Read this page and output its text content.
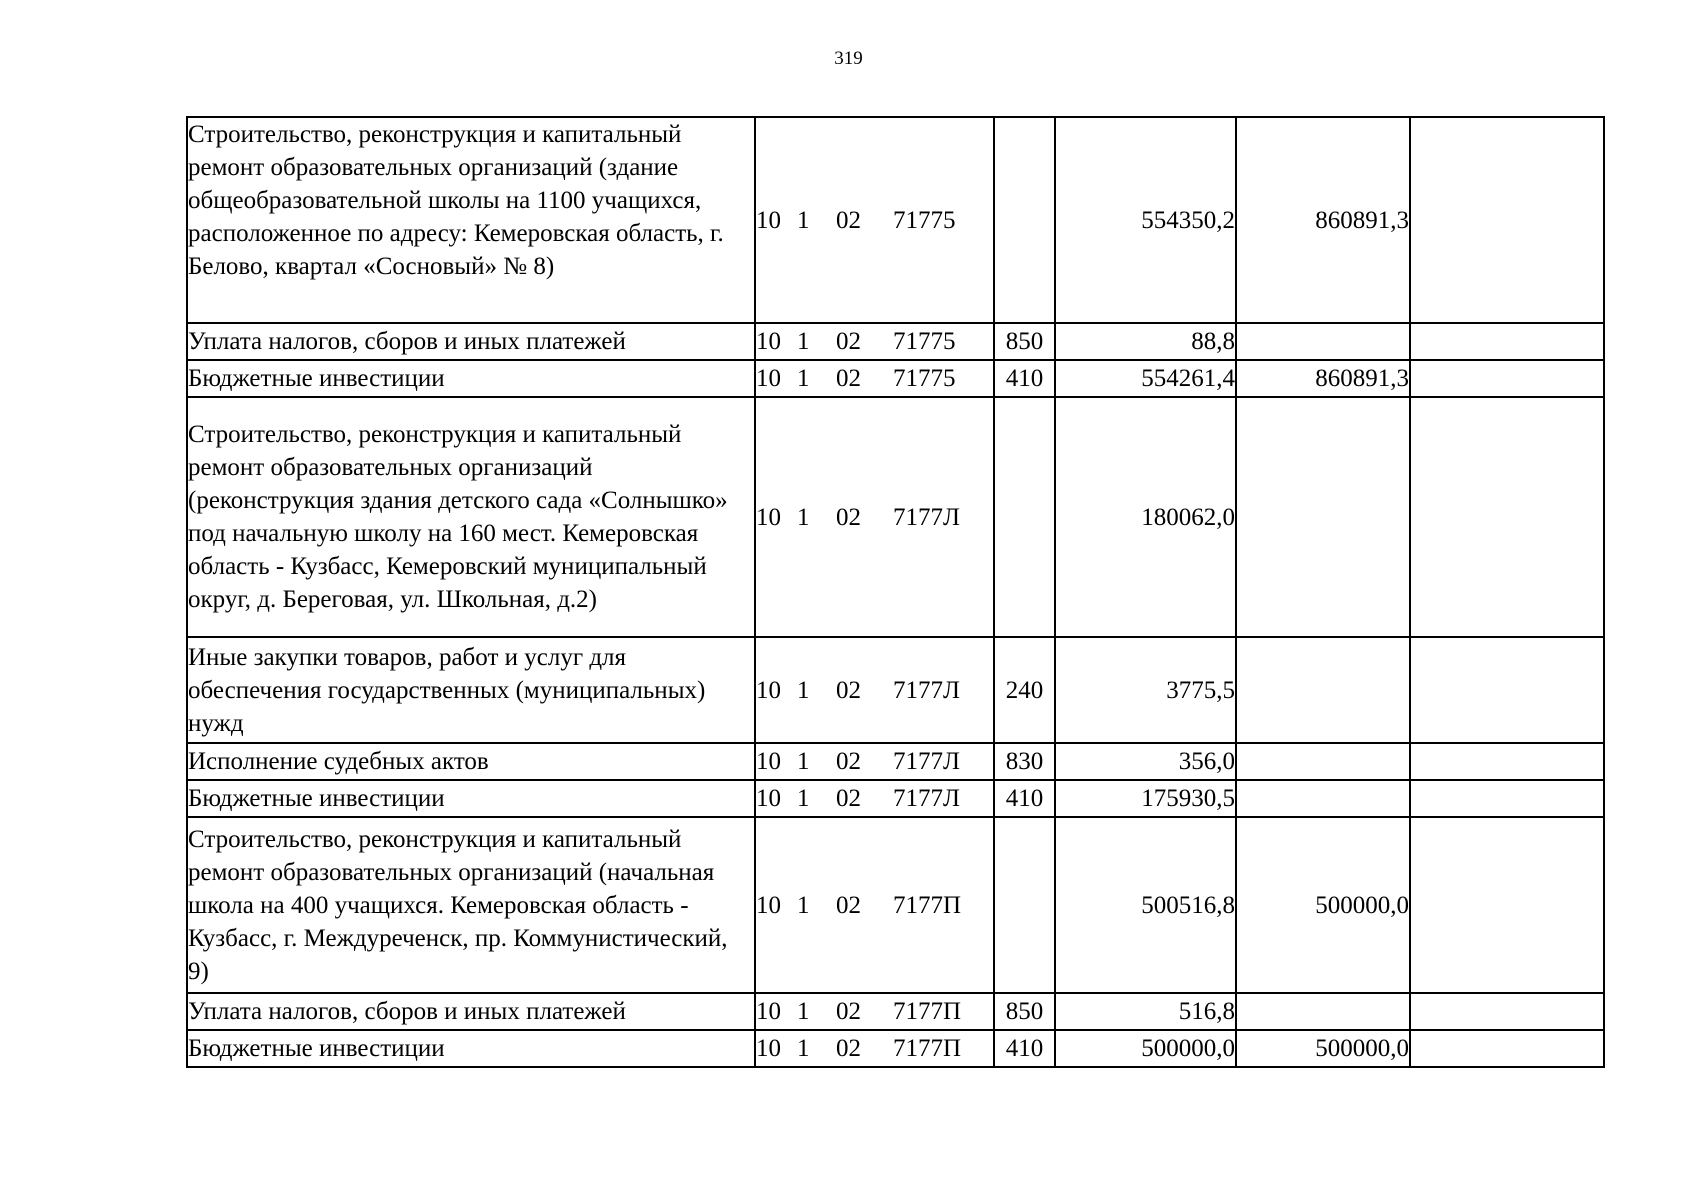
319
Строительство, реконструкция и капитальный ремонт образовательных организаций (здание общеобразовательной школы на 1100 учащихся, расположенное по адресу: Кемеровская область, г. Белово, квартал «Сосновый» № 8)	10 1 02 71775		554350,2	860891,3	
Уплата налогов, сборов и иных платежей	10 1 02 71775	850	88,8		
Бюджетные инвестиции	10 1 02 71775	410	554261,4	860891,3	
Строительство, реконструкция и капитальный ремонт образовательных организаций (реконструкция здания детского сада «Солнышко» под начальную школу на 160 мест. Кемеровская область - Кузбасс, Кемеровский муниципальный округ, д. Береговая, ул. Школьная, д.2)	10 1 02 7177Л		180062,0		
Иные закупки товаров, работ и услуг для обеспечения государственных (муниципальных) нужд	10 1 02 7177Л	240	3775,5		
Исполнение судебных актов	10 1 02 7177Л	830	356,0		
Бюджетные инвестиции	10 1 02 7177Л	410	175930,5		
Строительство, реконструкция и капитальный ремонт образовательных организаций (начальная школа на 400 учащихся. Кемеровская область - Кузбасс, г. Междуреченск, пр. Коммунистический, 9)	10 1 02 7177П		500516,8	500000,0	
Уплата налогов, сборов и иных платежей	10 1 02 7177П	850	516,8		
Бюджетные инвестиции	10 1 02 7177П	410	500000,0	500000,0	
